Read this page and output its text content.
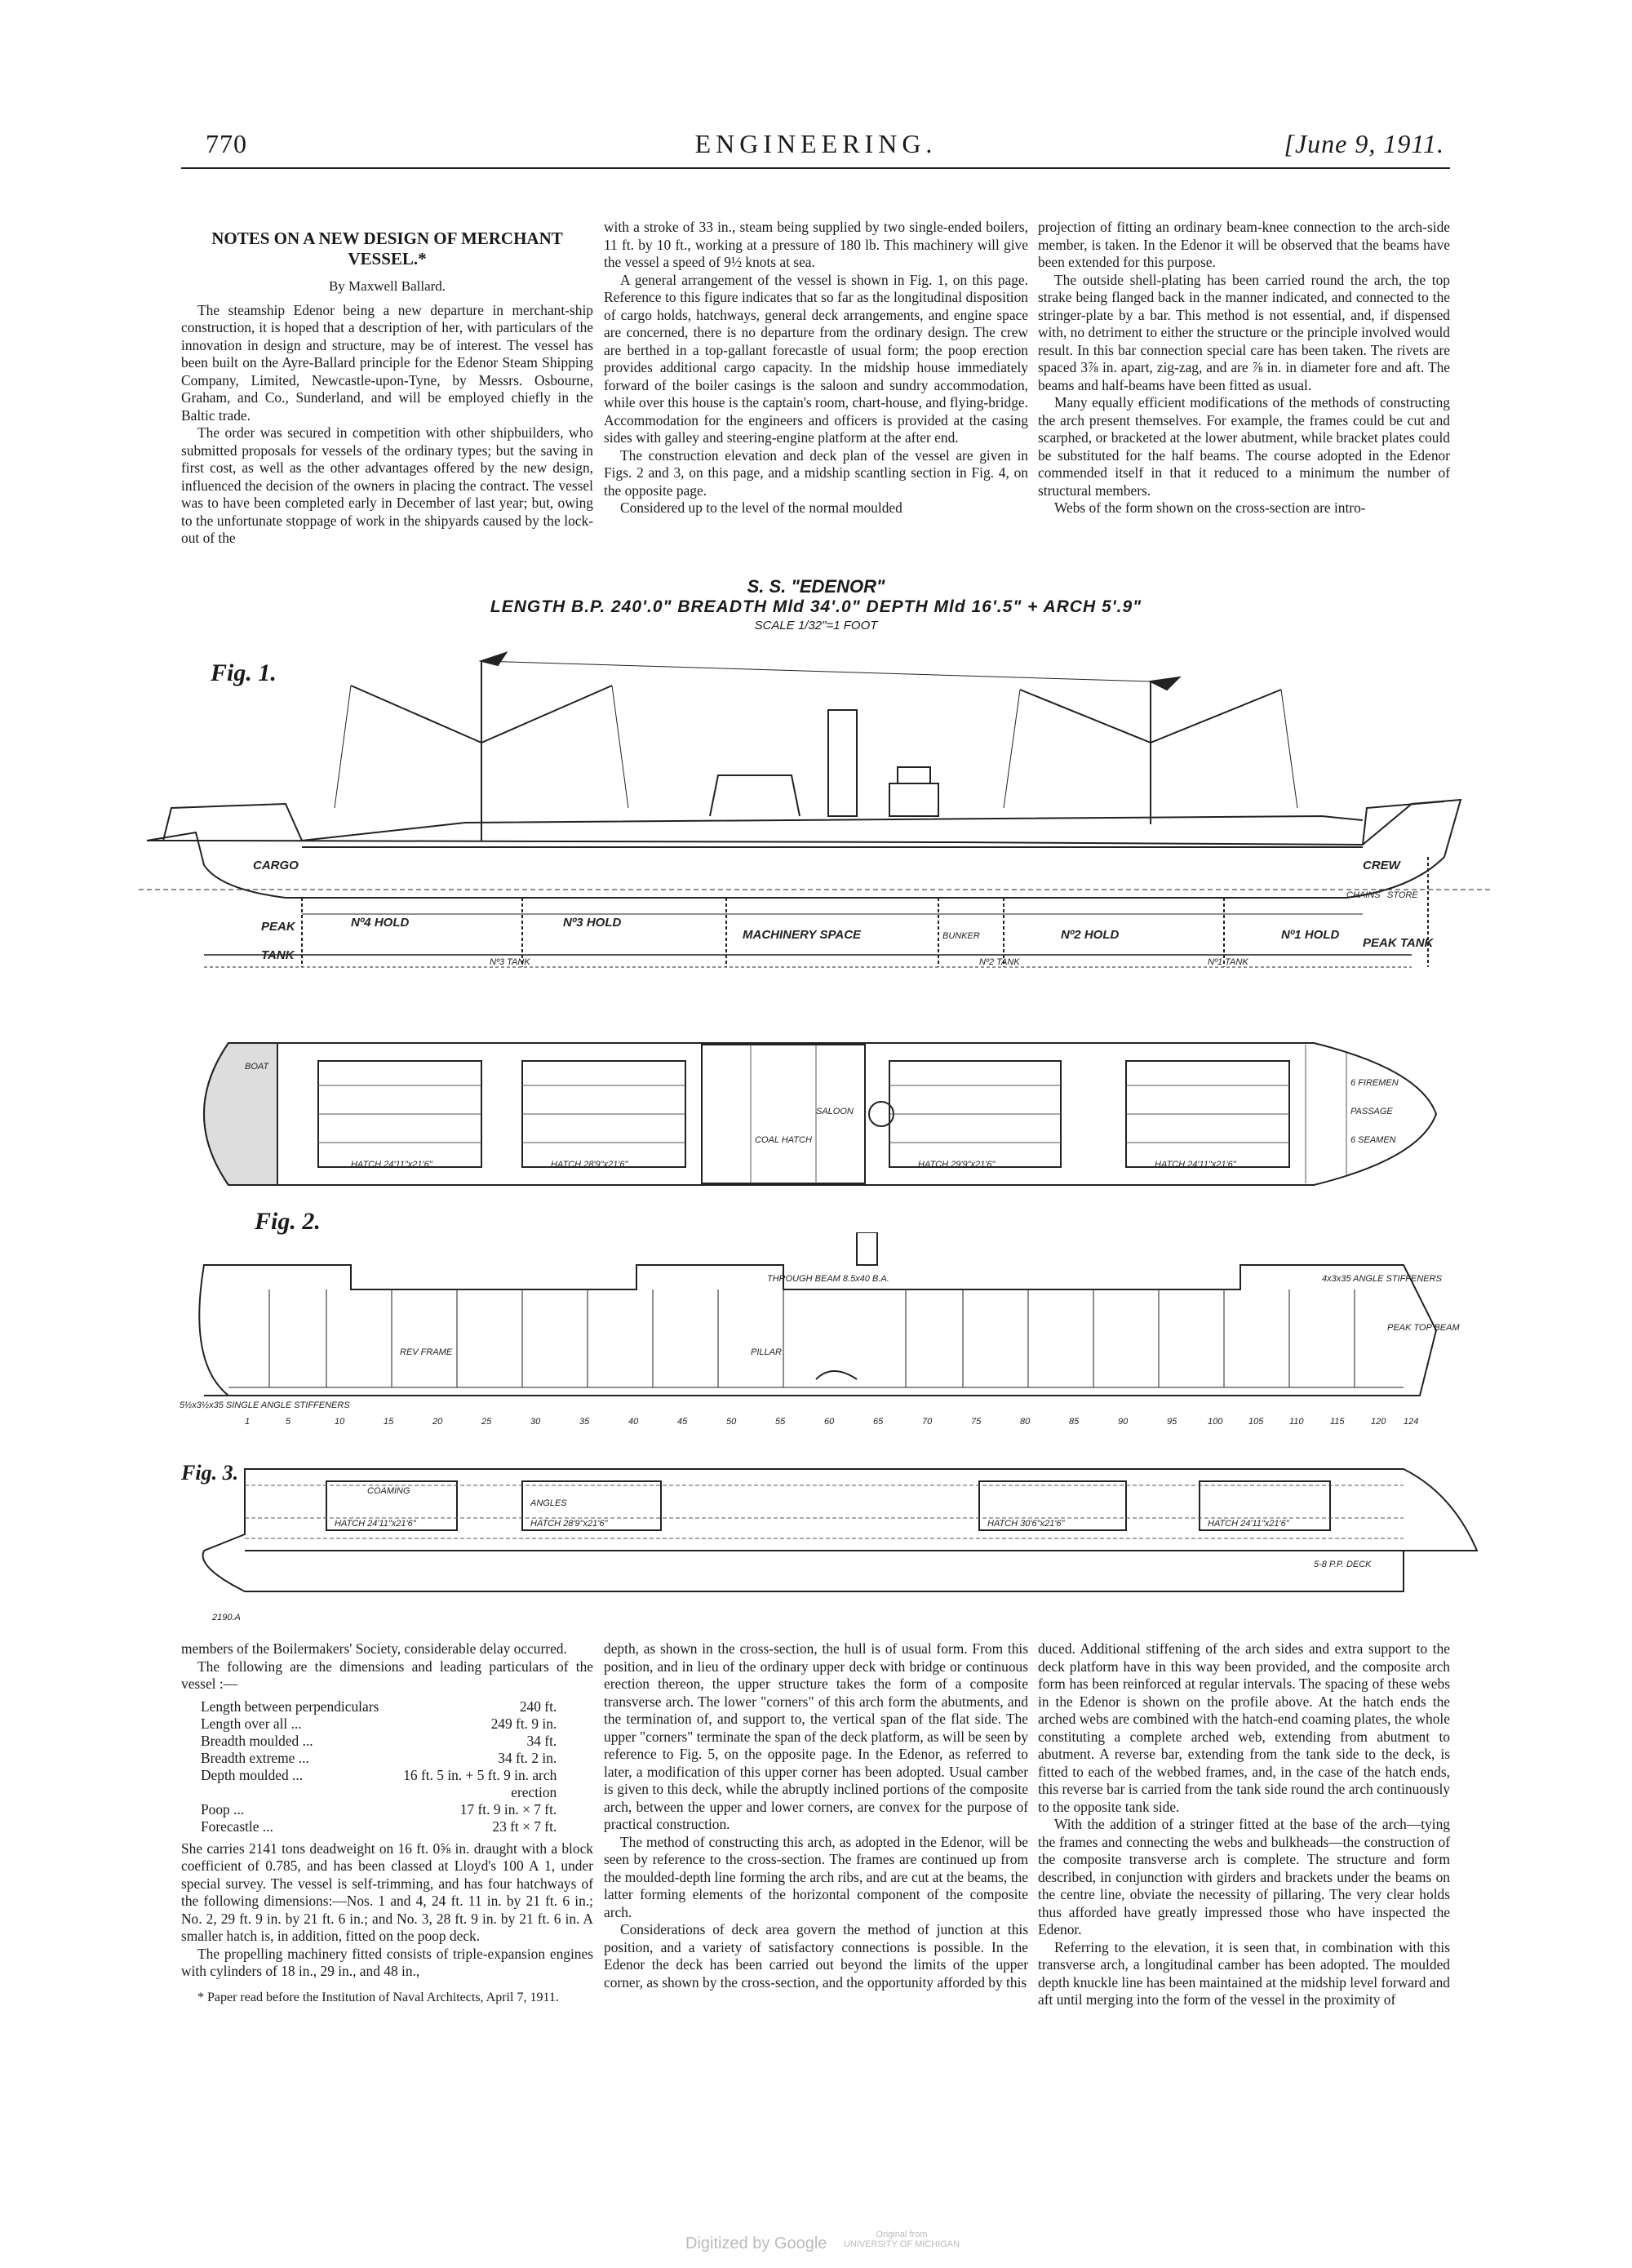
770	ENGINEERING.	[June 9, 1911.
NOTES ON A NEW DESIGN OF MERCHANT VESSEL.*
By Maxwell Ballard.

The steamship Edenor being a new departure in merchant-ship construction, it is hoped that a description of her, with particulars of the innovation in design and structure, may be of interest. The vessel has been built on the Ayre-Ballard principle for the Edenor Steam Shipping Company, Limited, Newcastle-upon-Tyne, by Messrs. Osbourne, Graham, and Co., Sunderland, and will be employed chiefly in the Baltic trade.

The order was secured in competition with other shipbuilders, who submitted proposals for vessels of the ordinary types; but the saving in first cost, as well as the other advantages offered by the new design, influenced the decision of the owners in placing the contract. The vessel was to have been completed early in December of last year; but, owing to the unfortunate stoppage of work in the shipyards caused by the lock-out of the

with a stroke of 33 in., steam being supplied by two single-ended boilers, 11 ft. by 10 ft., working at a pressure of 180 lb. This machinery will give the vessel a speed of 9½ knots at sea.

A general arrangement of the vessel is shown in Fig. 1, on this page. Reference to this figure indicates that so far as the longitudinal disposition of cargo holds, hatchways, general deck arrangements, and engine space are concerned, there is no departure from the ordinary design. The crew are berthed in a top-gallant forecastle of usual form; the poop erection provides additional cargo capacity. In the midship house immediately forward of the boiler casings is the saloon and sundry accommodation, while over this house is the captain's room, chart-house, and flying-bridge. Accommodation for the engineers and officers is provided at the casing sides with galley and steering-engine platform at the after end.

The construction elevation and deck plan of the vessel are given in Figs. 2 and 3, on this page, and a midship scantling section in Fig. 4, on the opposite page.

Considered up to the level of the normal moulded

projection of fitting an ordinary beam-knee connection to the arch-side member, is taken. In the Edenor it will be observed that the beams have been extended for this purpose.

The outside shell-plating has been carried round the arch, the top strake being flanged back in the manner indicated, and connected to the stringer-plate by a bar. This method is not essential, and, if dispensed with, no detriment to either the structure or the principle involved would result. In this bar connection special care has been taken. The rivets are spaced 3⅞ in. apart, zig-zag, and are ⅞ in. in diameter fore and aft. The beams and half-beams have been fitted as usual.

Many equally efficient modifications of the methods of constructing the arch present themselves. For example, the frames could be cut and scarphed, or bracketed at the lower abutment, while bracket plates could be substituted for the half beams. The course adopted in the Edenor commended itself in that it reduced to a minimum the number of structural members.

Webs of the form shown on the cross-section are intro-

S. S. "EDENOR"
LENGTH B.P. 240'.0" BREADTH Mld 34'.0" DEPTH Mld 16'.5" + ARCH 5'.9"
SCALE 1/32"=1 FOOT
Fig. 1.
Fig. 2.
Fig. 3.
CARGO	CREW
CHAINS STORE
PEAK
TANK
Nº4 HOLD	Nº3 HOLD
MACHINERY SPACE	BUNKER	Nº2 HOLD	Nº1 HOLD
PEAK TANK
Nº3 TANK	Nº2 TANK	Nº1 TANK
BOAT
HATCH 24'11"x21'6"	HATCH 28'9"x21'6"
SALOON
COAL HATCH
HATCH 29'9"x21'6"	HATCH 24'11"x21'6"
6 FIREMEN
PASSAGE
6 SEAMEN
THROUGH BEAM 8.5x40 B.A.
REV FRAME	PILLAR
5½x3½x35 SINGLE ANGLE STIFFENERS
4x3x35 ANGLE STIFFENERS
PEAK TOP BEAM
1	5	10	15	20	25	30	35	40	45	50	55	60	65	70	75	80	85	90	95	100	105	110	115	120 124
COAMING
ANGLES
HATCH 24'11"x21'6"	HATCH 28'9"x21'6"	HATCH 30'6"x21'6"	HATCH 24'11"x21'6"
5-8 P.P. DECK
2190.A

members of the Boilermakers' Society, considerable delay occurred.

The following are the dimensions and leading particulars of the vessel :—

Length between perpendiculars	240 ft.
Length over all ...	249 ft. 9 in.
Breadth moulded ...	34 ft.
Breadth extreme ...	34 ft. 2 in.
Depth moulded ...	16 ft. 5 in. + 5 ft. 9 in. arch erection
Poop ...	17 ft. 9 in. × 7 ft.
Forecastle ...	23 ft × 7 ft.

She carries 2141 tons deadweight on 16 ft. 0⅝ in. draught with a block coefficient of 0.785, and has been classed at Lloyd's 100 A 1, under special survey. The vessel is self-trimming, and has four hatchways of the following dimensions:—Nos. 1 and 4, 24 ft. 11 in. by 21 ft. 6 in.; No. 2, 29 ft. 9 in. by 21 ft. 6 in.; and No. 3, 28 ft. 9 in. by 21 ft. 6 in. A smaller hatch is, in addition, fitted on the poop deck.

The propelling machinery fitted consists of triple-expansion engines with cylinders of 18 in., 29 in., and 48 in.,

* Paper read before the Institution of Naval Architects, April 7, 1911.

depth, as shown in the cross-section, the hull is of usual form. From this position, and in lieu of the ordinary upper deck with bridge or continuous erection thereon, the upper structure takes the form of a composite transverse arch. The lower "corners" of this arch form the abutments, and the termination of, and support to, the vertical span of the flat side. The upper "corners" terminate the span of the deck platform, as will be seen by reference to Fig. 5, on the opposite page. In the Edenor, as referred to later, a modification of this upper corner has been adopted. Usual camber is given to this deck, while the abruptly inclined portions of the composite arch, between the upper and lower corners, are convex for the purpose of practical construction.

The method of constructing this arch, as adopted in the Edenor, will be seen by reference to the cross-section. The frames are continued up from the moulded-depth line forming the arch ribs, and are cut at the beams, the latter forming elements of the horizontal component of the composite arch.

Considerations of deck area govern the method of junction at this position, and a variety of satisfactory connections is possible. In the Edenor the deck has been carried out beyond the limits of the upper corner, as shown by the cross-section, and the opportunity afforded by this

duced. Additional stiffening of the arch sides and extra support to the deck platform have in this way been provided, and the composite arch form has been reinforced at regular intervals. The spacing of these webs in the Edenor is shown on the profile above. At the hatch ends the arched webs are combined with the hatch-end coaming plates, the whole constituting a complete arched web, extending from abutment to abutment. A reverse bar, extending from the tank side to the deck, is fitted to each of the webbed frames, and, in the case of the hatch ends, this reverse bar is carried from the tank side round the arch continuously to the opposite tank side.

With the addition of a stringer fitted at the base of the arch—tying the frames and connecting the webs and bulkheads—the construction of the composite transverse arch is complete. The structure and form described, in conjunction with girders and brackets under the beams on the centre line, obviate the necessity of pillaring. The very clear holds thus afforded have greatly impressed those who have inspected the Edenor.

Referring to the elevation, it is seen that, in combination with this transverse arch, a longitudinal camber has been adopted. The moulded depth knuckle line has been maintained at the midship level forward and aft until merging into the form of the vessel in the proximity of

Digitized by Google	Original from
UNIVERSITY OF MICHIGAN
